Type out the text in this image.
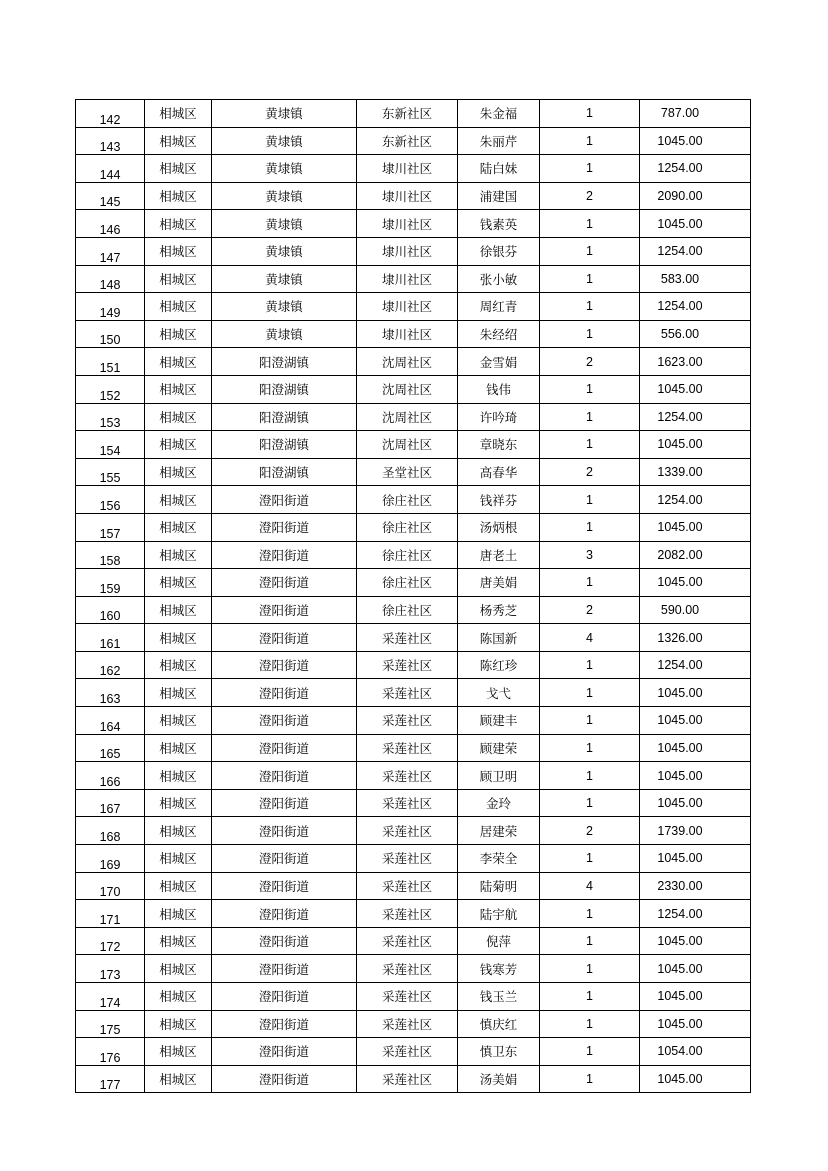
142	相城区	黄埭镇	东新社区	朱金福	1	787.00
143	相城区	黄埭镇	东新社区	朱丽芹	1	1045.00
144	相城区	黄埭镇	埭川社区	陆白妹	1	1254.00
145	相城区	黄埭镇	埭川社区	浦建国	2	2090.00
146	相城区	黄埭镇	埭川社区	钱素英	1	1045.00
147	相城区	黄埭镇	埭川社区	徐银芬	1	1254.00
148	相城区	黄埭镇	埭川社区	张小敏	1	583.00
149	相城区	黄埭镇	埭川社区	周红青	1	1254.00
150	相城区	黄埭镇	埭川社区	朱经绍	1	556.00
151	相城区	阳澄湖镇	沈周社区	金雪娟	2	1623.00
152	相城区	阳澄湖镇	沈周社区	钱伟	1	1045.00
153	相城区	阳澄湖镇	沈周社区	许吟琦	1	1254.00
154	相城区	阳澄湖镇	沈周社区	章晓东	1	1045.00
155	相城区	阳澄湖镇	圣堂社区	高春华	2	1339.00
156	相城区	澄阳街道	徐庄社区	钱祥芬	1	1254.00
157	相城区	澄阳街道	徐庄社区	汤炳根	1	1045.00
158	相城区	澄阳街道	徐庄社区	唐老土	3	2082.00
159	相城区	澄阳街道	徐庄社区	唐美娟	1	1045.00
160	相城区	澄阳街道	徐庄社区	杨秀芝	2	590.00
161	相城区	澄阳街道	采莲社区	陈国新	4	1326.00
162	相城区	澄阳街道	采莲社区	陈红珍	1	1254.00
163	相城区	澄阳街道	采莲社区	戈弋	1	1045.00
164	相城区	澄阳街道	采莲社区	顾建丰	1	1045.00
165	相城区	澄阳街道	采莲社区	顾建荣	1	1045.00
166	相城区	澄阳街道	采莲社区	顾卫明	1	1045.00
167	相城区	澄阳街道	采莲社区	金玲	1	1045.00
168	相城区	澄阳街道	采莲社区	居建荣	2	1739.00
169	相城区	澄阳街道	采莲社区	李荣全	1	1045.00
170	相城区	澄阳街道	采莲社区	陆菊明	4	2330.00
171	相城区	澄阳街道	采莲社区	陆宇航	1	1254.00
172	相城区	澄阳街道	采莲社区	倪萍	1	1045.00
173	相城区	澄阳街道	采莲社区	钱寒芳	1	1045.00
174	相城区	澄阳街道	采莲社区	钱玉兰	1	1045.00
175	相城区	澄阳街道	采莲社区	慎庆红	1	1045.00
176	相城区	澄阳街道	采莲社区	慎卫东	1	1054.00
177	相城区	澄阳街道	采莲社区	汤美娟	1	1045.00
